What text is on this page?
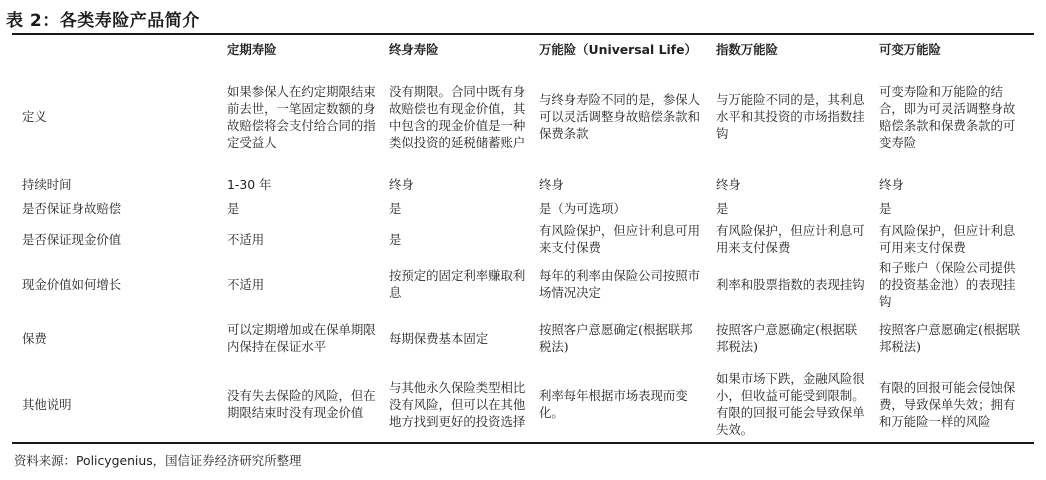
表 2：各类寿险产品简介
	定期寿险	终身寿险	万能险（Universal Life）	指数万能险	可变万能险
定义	如果参保人在约定期限结束前去世，一笔固定数额的身故赔偿将会支付给合同的指定受益人	没有期限。合同中既有身故赔偿也有现金价值，其中包含的现金价值是一种类似投资的延税储蓄账户	与终身寿险不同的是，参保人可以灵活调整身故赔偿条款和保费条款	与万能险不同的是，其利息水平和其投资的市场指数挂钩	可变寿险和万能险的结合，即为可灵活调整身故赔偿条款和保费条款的可变寿险
持续时间	1-30 年	终身	终身	终身	终身
是否保证身故赔偿	是	是	是（为可选项）	是	是
是否保证现金价值	不适用	是	有风险保护，但应计利息可用来支付保费	有风险保护，但应计利息可用来支付保费	有风险保护，但应计利息可用来支付保费
现金价值如何增长	不适用	按预定的固定利率赚取利息	每年的利率由保险公司按照市场情况决定	利率和股票指数的表现挂钩	和子账户（保险公司提供的投资基金池）的表现挂钩
保费	可以定期增加或在保单期限内保持在保证水平	每期保费基本固定	按照客户意愿确定(根据联邦税法)	按照客户意愿确定(根据联邦税法)	按照客户意愿确定(根据联邦税法)
其他说明	没有失去保险的风险，但在期限结束时没有现金价值	与其他永久保险类型相比没有风险，但可以在其他地方找到更好的投资选择	利率每年根据市场表现而变化。	如果市场下跌，金融风险很小，但收益可能受到限制。有限的回报可能会导致保单失效。	有限的回报可能会侵蚀保费，导致保单失效；拥有和万能险一样的风险
资料来源：Policygenius，国信证券经济研究所整理
